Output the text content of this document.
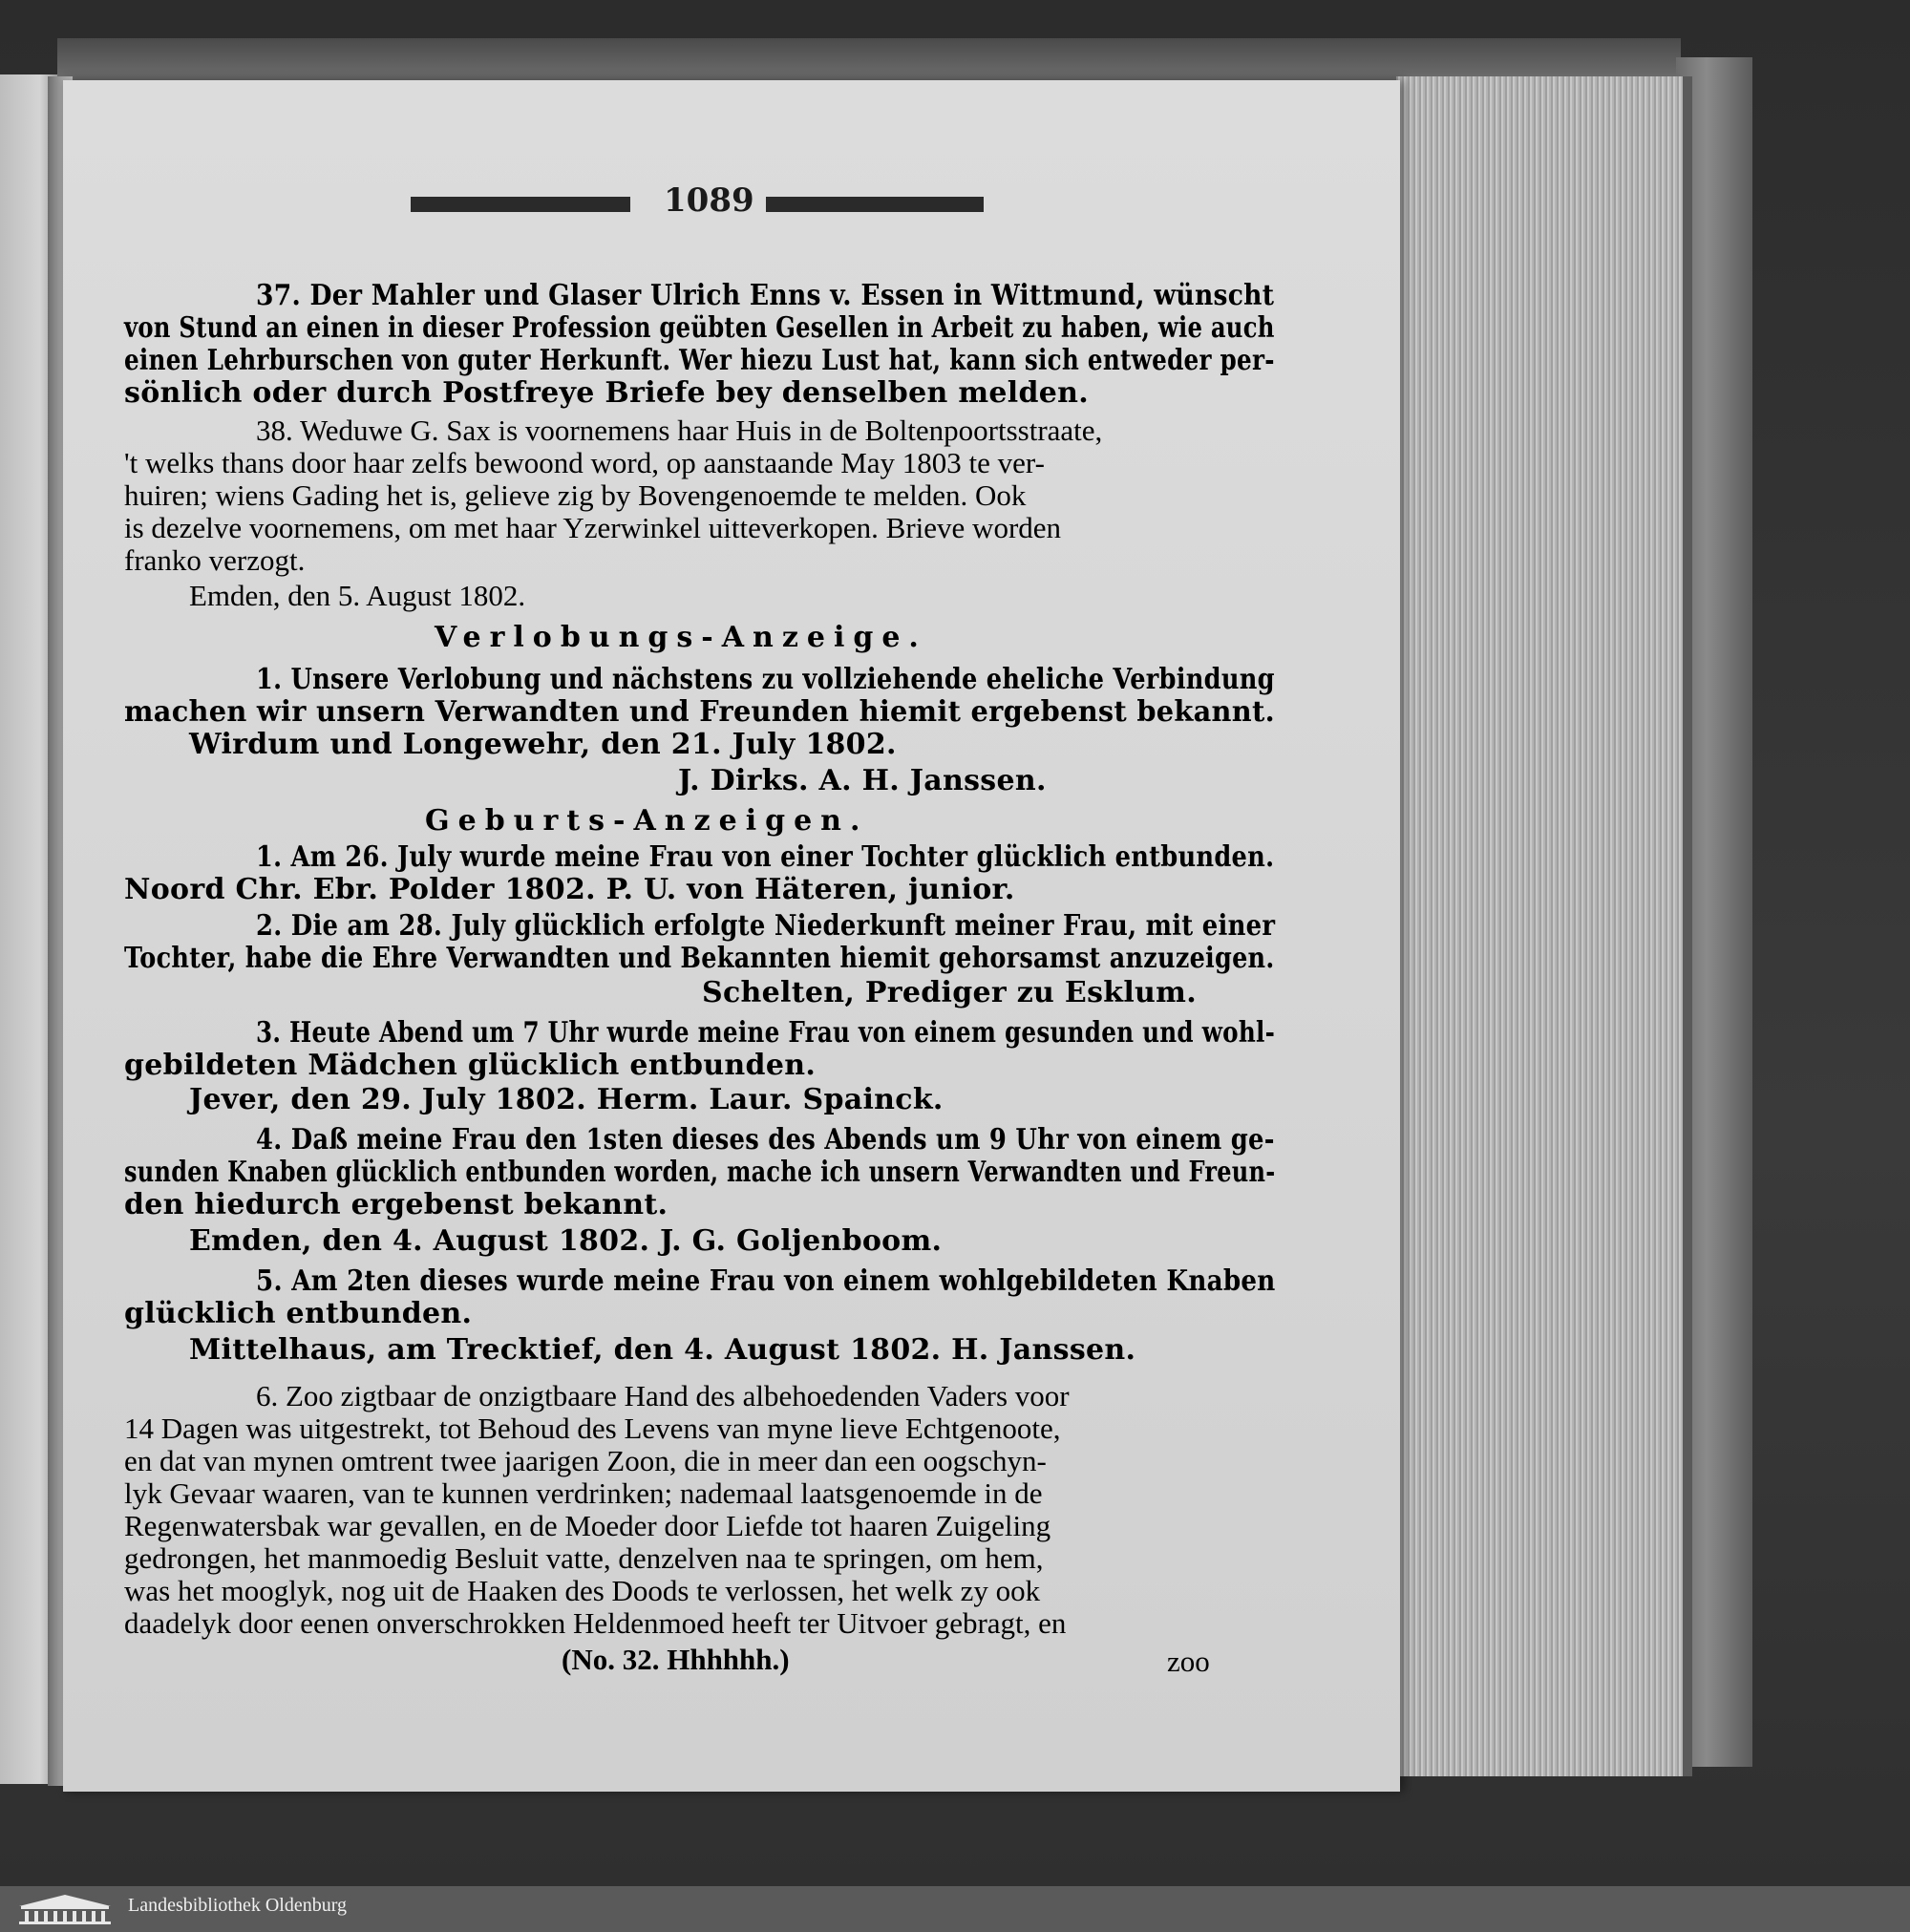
1089
37. Der Mahler und Glaser Ulrich Enns v. Essen in Wittmund, wünscht
von Stund an einen in dieser Profession geübten Gesellen in Arbeit zu haben, wie auch
einen Lehrburschen von guter Herkunft. Wer hiezu Lust hat, kann sich entweder per-
sönlich oder durch Postfreye Briefe bey denselben melden.
38. Weduwe G. Sax is voornemens haar Huis in de Boltenpoortsstraate,
't welks thans door haar zelfs bewoond word, op aanstaande May 1803 te ver-
huiren; wiens Gading het is, gelieve zig by Bovengenoemde te melden. Ook
is dezelve voornemens, om met haar Yzerwinkel uitteverkopen. Brieve worden
franko verzogt.
Emden, den 5. August 1802.
Verlobungs-Anzeige.
1. Unsere Verlobung und nächstens zu vollziehende eheliche Verbindung
machen wir unsern Verwandten und Freunden hiemit ergebenst bekannt.
Wirdum und Longewehr, den 21. July 1802.
J. Dirks. A. H. Janssen.
Geburts-Anzeigen.
1. Am 26. July wurde meine Frau von einer Tochter glücklich entbunden.
Noord Chr. Ebr. Polder 1802. P. U. von Häteren, junior.
2. Die am 28. July glücklich erfolgte Niederkunft meiner Frau, mit einer
Tochter, habe die Ehre Verwandten und Bekannten hiemit gehorsamst anzuzeigen.
Schelten, Prediger zu Esklum.
3. Heute Abend um 7 Uhr wurde meine Frau von einem gesunden und wohl-
gebildeten Mädchen glücklich entbunden.
Jever, den 29. July 1802. Herm. Laur. Spainck.
4. Daß meine Frau den 1sten dieses des Abends um 9 Uhr von einem ge-
sunden Knaben glücklich entbunden worden, mache ich unsern Verwandten und Freun-
den hiedurch ergebenst bekannt.
Emden, den 4. August 1802. J. G. Goljenboom.
5. Am 2ten dieses wurde meine Frau von einem wohlgebildeten Knaben
glücklich entbunden.
Mittelhaus, am Trecktief, den 4. August 1802. H. Janssen.
6. Zoo zigtbaar de onzigtbaare Hand des albehoedenden Vaders voor
14 Dagen was uitgestrekt, tot Behoud des Levens van myne lieve Echtgenoote,
en dat van mynen omtrent twee jaarigen Zoon, die in meer dan een oogschyn-
lyk Gevaar waaren, van te kunnen verdrinken; nademaal laatsgenoemde in de
Regenwatersbak war gevallen, en de Moeder door Liefde tot haaren Zuigeling
gedrongen, het manmoedig Besluit vatte, denzelven naa te springen, om hem,
was het mooglyk, nog uit de Haaken des Doods te verlossen, het welk zy ook
daadelyk door eenen onverschrokken Heldenmoed heeft ter Uitvoer gebragt, en
(No. 32. Hhhhhh.)	zoo
Landesbibliothek Oldenburg
